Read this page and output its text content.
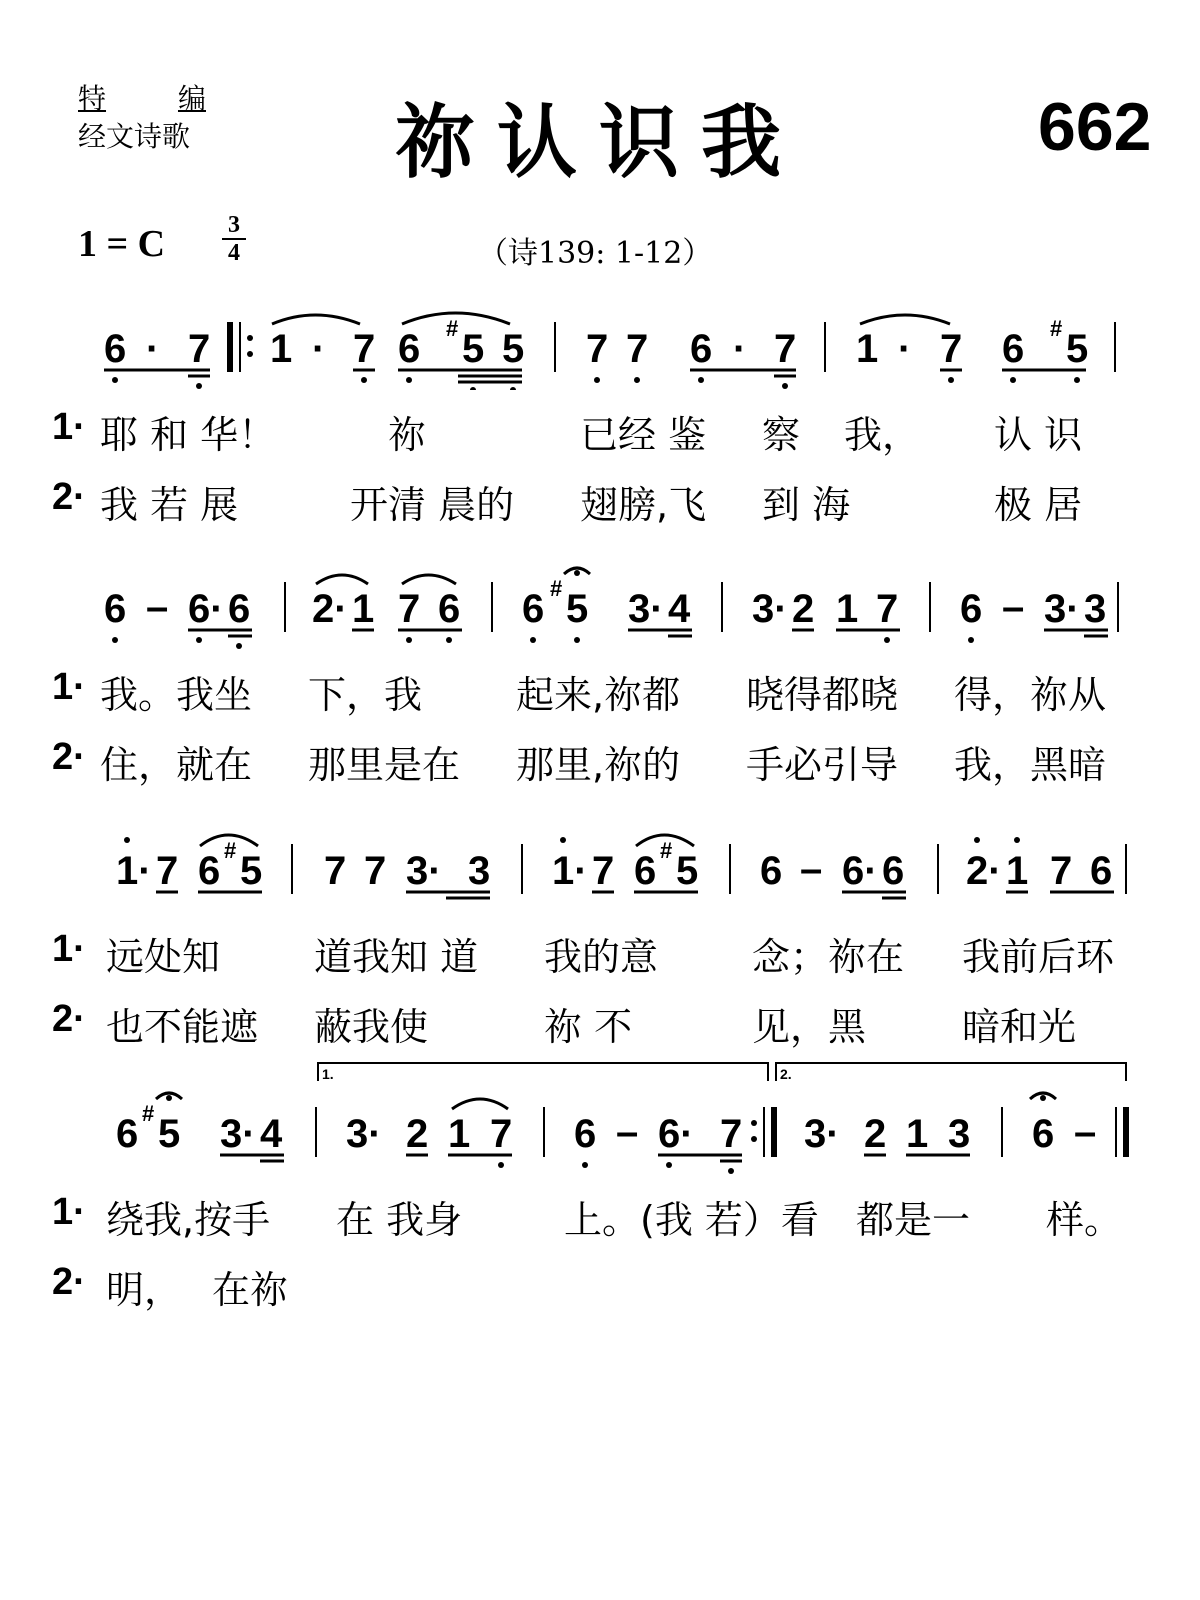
特	编
经文诗歌	祢认识我	662
1 = C	3
4	（诗139: 1-12）
6 · 7 1 · 7 6 5 5 7 7 6 · 7 1 · 7 6 5
#	#
1· 耶 和 华！	祢	已经 鉴 察 我， 认 识
2· 我 若 展	开清 晨的 翅膀,飞 到 海	极 居
6 – 6· 6 2· 1 7 6 6 5 3· 4 3· 2 1 7 6 – 3· 3
#
1· 我。我坐 下，我 起来,祢都 晓得都晓 得，祢从
2· 住，就在 那里是在 那里,祢的 手必引导 我，黑暗
1· 7 6 5 7 7 3· 3 1· 7 6 5 6 – 6· 6 2· 1 7 6
#	#
1· 远处知 道我知 道 我的意 念；祢在 我前后环
2· 也不能遮 蔽我使	祢 不	见，黑	暗和光
1.	2.
6 5 3· 4 3· 2 1 7 6 – 6· 7 3· 2 1 3 6 –
#
1· 绕我,按手 在 我身	上。(我 若）看 都是一 样。
2· 明， 在祢
6·7 ‖: 1·7 6 #5 5 | 7 7 6·7 | 1·7 6 #5 |
6 – 6·6 | 2·1 7 6 | 6 #5 3·4 | 3·2 1 7 | 6 – 3·3 |
1·7 6 #5 | 7 7 3·3 | 1·7 6 #5 | 6 – 6·6 | 2·1 7 6 |
6 #5 3·4 | 3·2 1 7 | 6 – 6·7 :‖ 3·2 1 3 | 6 – ‖
